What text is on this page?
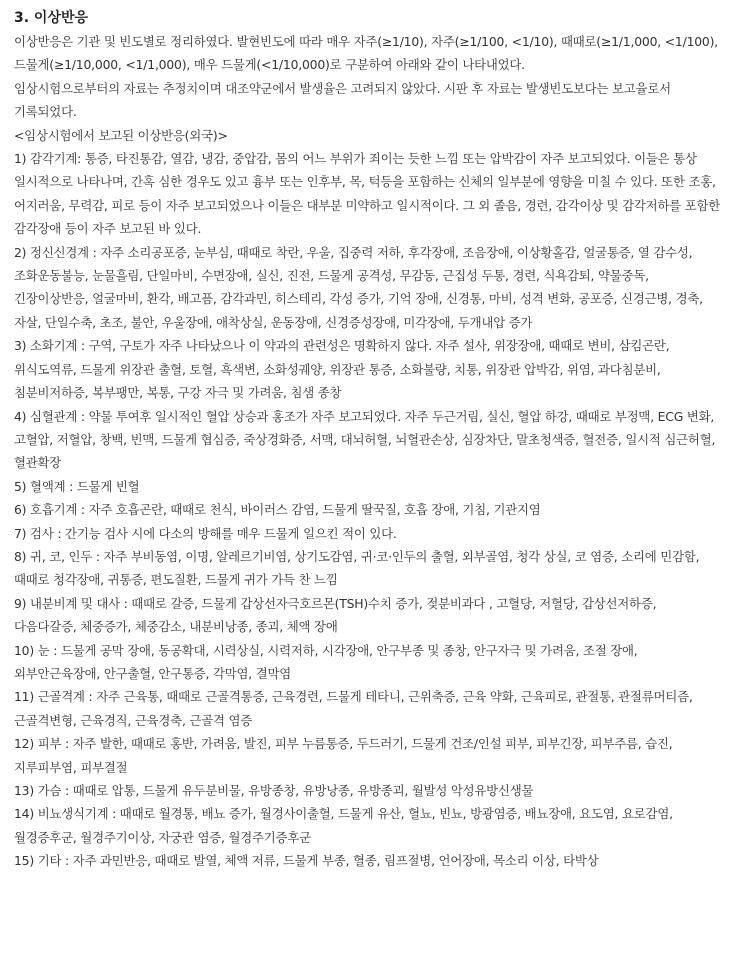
3. 이상반응

이상반응은 기관 및 빈도별로 정리하였다. 발현빈도에 따라 매우 자주(≥1/10), 자주(≥1/100, <1/10), 때때로(≥1/1,000, <1/100), 드물게(≥1/10,000, <1/1,000), 매우 드물게(<1/10,000)로 구분하여 아래와 같이 나타내었다.

임상시험으로부터의 자료는 추정치이며 대조약군에서 발생율은 고려되지 않았다. 시판 후 자료는 발생빈도보다는 보고율로서 기록되었다.

<임상시험에서 보고된 이상반응(외국)>

1) 감각기계: 통증, 타진통감, 열감, 냉감, 중압감, 몸의 어느 부위가 죄이는 듯한 느낌 또는 압박감이 자주 보고되었다. 이들은 통상 일시적으로 나타나며, 간혹 심한 경우도 있고 흉부 또는 인후부, 목, 턱등을 포함하는 신체의 일부분에 영향을 미칠 수 있다. 또한 조홍, 어지러움, 무력감, 피로 등이 자주 보고되었으나 이들은 대부분 미약하고 일시적이다. 그 외 졸음, 경련, 감각이상 및 감각저하를 포함한 감각장애 등이 자주 보고된 바 있다.

2) 정신신경계 : 자주 소리공포증, 눈부심, 때때로 착란, 우울, 집중력 저하, 후각장애, 조음장애, 이상황홀감, 얼굴통증, 열 감수성, 조화운동불능, 눈물흘림, 단일마비, 수면장애, 실신, 진전, 드물게 공격성, 무감동, 근집성 두통, 경련, 식욕감퇴, 약물중독, 긴장이상반응, 얼굴마비, 환각, 배고픔, 감각과민, 히스테리, 각성 증가, 기억 장애, 신경통, 마비, 성격 변화, 공포증, 신경근병, 경축, 자살, 단일수축, 초조, 불안, 우울장애, 애착상실, 운동장애, 신경증성장애, 미각장애, 두개내압 증가

3) 소화기계 : 구역, 구토가 자주 나타났으나 이 약과의 관련성은 명확하지 않다. 자주 설사, 위장장애, 때때로 변비, 삼킴곤란, 위식도역류, 드물게 위장관 출혈, 토혈, 흑색변, 소화성궤양, 위장관 통증, 소화불량, 치통, 위장관 압박감, 위염, 과다침분비, 침분비저하증, 복부팽만, 복통, 구강 자극 및 가려움, 침샘 종창

4) 심혈관계 : 약물 투여후 일시적인 혈압 상승과 홍조가 자주 보고되었다. 자주 두근거림, 실신, 혈압 하강, 때때로 부정맥, ECG 변화, 고혈압, 저혈압, 창백, 빈맥, 드물게 협심증, 죽상경화증, 서맥, 대뇌허혈, 뇌혈관손상, 심장차단, 말초청색증, 혈전증, 일시적 심근허혈, 혈관확장

5) 혈액계 : 드물게 빈혈

6) 호흡기계 : 자주 호흡곤란, 때때로 천식, 바이러스 감염, 드물게 딸꾹질, 호흡 장애, 기침, 기관지염

7) 검사 : 간기능 검사 시에 다소의 방해를 매우 드물게 일으킨 적이 있다.

8) 귀, 코, 인두 : 자주 부비동염, 이명, 알레르기비염, 상기도감염, 귀·코·인두의 출혈, 외부골염, 청각 상실, 코 염증, 소리에 민감함, 때때로 청각장애, 귀통증, 편도질환, 드물게 귀가 가득 찬 느낌

9) 내분비계 및 대사 : 때때로 갈증, 드물게 갑상선자극호르몬(TSH)수치 증가, 젖분비과다 , 고혈당, 저혈당, 갑상선저하증, 다음다갈증, 체중증가, 체중감소, 내분비낭종, 종괴, 체액 장애

10) 눈 : 드물게 공막 장애, 동공확대, 시력상실, 시력저하, 시각장애, 안구부종 및 종창, 안구자극 및 가려움, 조절 장애, 외부안근육장애, 안구출혈, 안구통증, 각막염, 결막염

11) 근골격계 : 자주 근육통, 때때로 근골격통증, 근육경련, 드물게 테타니, 근위축증, 근육 약화, 근육피로, 관절통, 관절류머티즘, 근골격변형, 근육경직, 근육경축, 근골격 염증

12) 피부 : 자주 발한, 때때로 홍반, 가려움, 발진, 피부 누름통증, 두드러기, 드물게 건조/인설 피부, 피부긴장, 피부주름, 습진, 지루피부염, 피부결절

13) 가슴 : 때때로 압통, 드물게 유두분비물, 유방종창, 유방낭종, 유방종괴, 월발성 악성유방신생물

14) 비뇨생식기계 : 때때로 월경통, 배뇨 증가, 월경사이출혈, 드물게 유산, 혈뇨, 빈뇨, 방광염증, 배뇨장애, 요도염, 요로감염, 월경증후군, 월경주기이상, 자궁관 염증, 월경주기증후군

15) 기타 : 자주 과민반응, 때때로 발열, 체액 저류, 드물게 부종, 혈종, 림프절병, 언어장애, 목소리 이상, 타박상
